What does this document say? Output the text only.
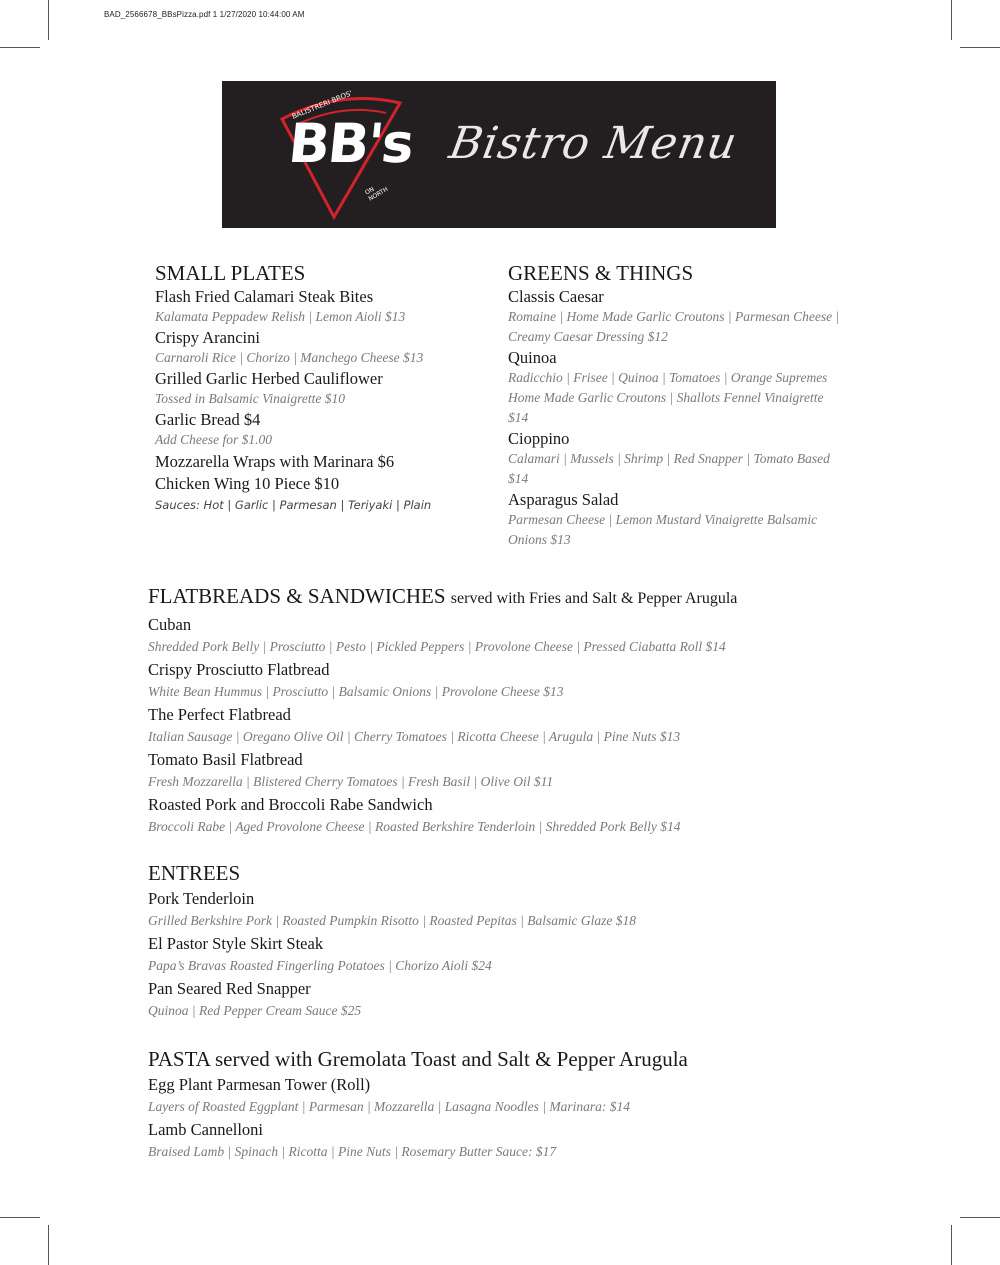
BAD_2566678_BBsPizza.pdf 1 1/27/2020 10:44:00 AM
BALISTRERI BROS'
BB's
ON NORTH
Bistro Menu
SMALL PLATES
Flash Fried Calamari Steak Bites
Kalamata Peppadew Relish | Lemon Aioli $13
Crispy Arancini
Carnaroli Rice | Chorizo | Manchego Cheese $13
Grilled Garlic Herbed Cauliflower
Tossed in Balsamic Vinaigrette $10
Garlic Bread $4
Add Cheese for $1.00
Mozzarella Wraps with Marinara $6
Chicken Wing 10 Piece $10
Sauces: Hot | Garlic | Parmesan | Teriyaki | Plain
GREENS & THINGS
Classis Caesar
Romaine | Home Made Garlic Croutons | Parmesan Cheese | Creamy Caesar Dressing $12
Quinoa
Radicchio | Frisee | Quinoa | Tomatoes | Orange Supremes Home Made Garlic Croutons | Shallots Fennel Vinaigrette $14
Cioppino
Calamari | Mussels | Shrimp | Red Snapper | Tomato Based $14
Asparagus Salad
Parmesan Cheese | Lemon Mustard Vinaigrette Balsamic Onions $13
FLATBREADS & SANDWICHES served with Fries and Salt & Pepper Arugula
Cuban
Shredded Pork Belly | Prosciutto | Pesto | Pickled Peppers | Provolone Cheese | Pressed Ciabatta Roll $14
Crispy Prosciutto Flatbread
White Bean Hummus | Prosciutto | Balsamic Onions | Provolone Cheese $13
The Perfect Flatbread
Italian Sausage | Oregano Olive Oil | Cherry Tomatoes | Ricotta Cheese | Arugula | Pine Nuts $13
Tomato Basil Flatbread
Fresh Mozzarella | Blistered Cherry Tomatoes | Fresh Basil | Olive Oil $11
Roasted Pork and Broccoli Rabe Sandwich
Broccoli Rabe | Aged Provolone Cheese | Roasted Berkshire Tenderloin | Shredded Pork Belly $14
ENTREES
Pork Tenderloin
Grilled Berkshire Pork | Roasted Pumpkin Risotto | Roasted Pepitas | Balsamic Glaze $18
El Pastor Style Skirt Steak
Papa’s Bravas Roasted Fingerling Potatoes | Chorizo Aioli $24
Pan Seared Red Snapper
Quinoa | Red Pepper Cream Sauce $25
PASTA served with Gremolata Toast and Salt & Pepper Arugula
Egg Plant Parmesan Tower (Roll)
Layers of Roasted Eggplant | Parmesan | Mozzarella | Lasagna Noodles | Marinara: $14
Lamb Cannelloni
Braised Lamb | Spinach | Ricotta | Pine Nuts | Rosemary Butter Sauce: $17
